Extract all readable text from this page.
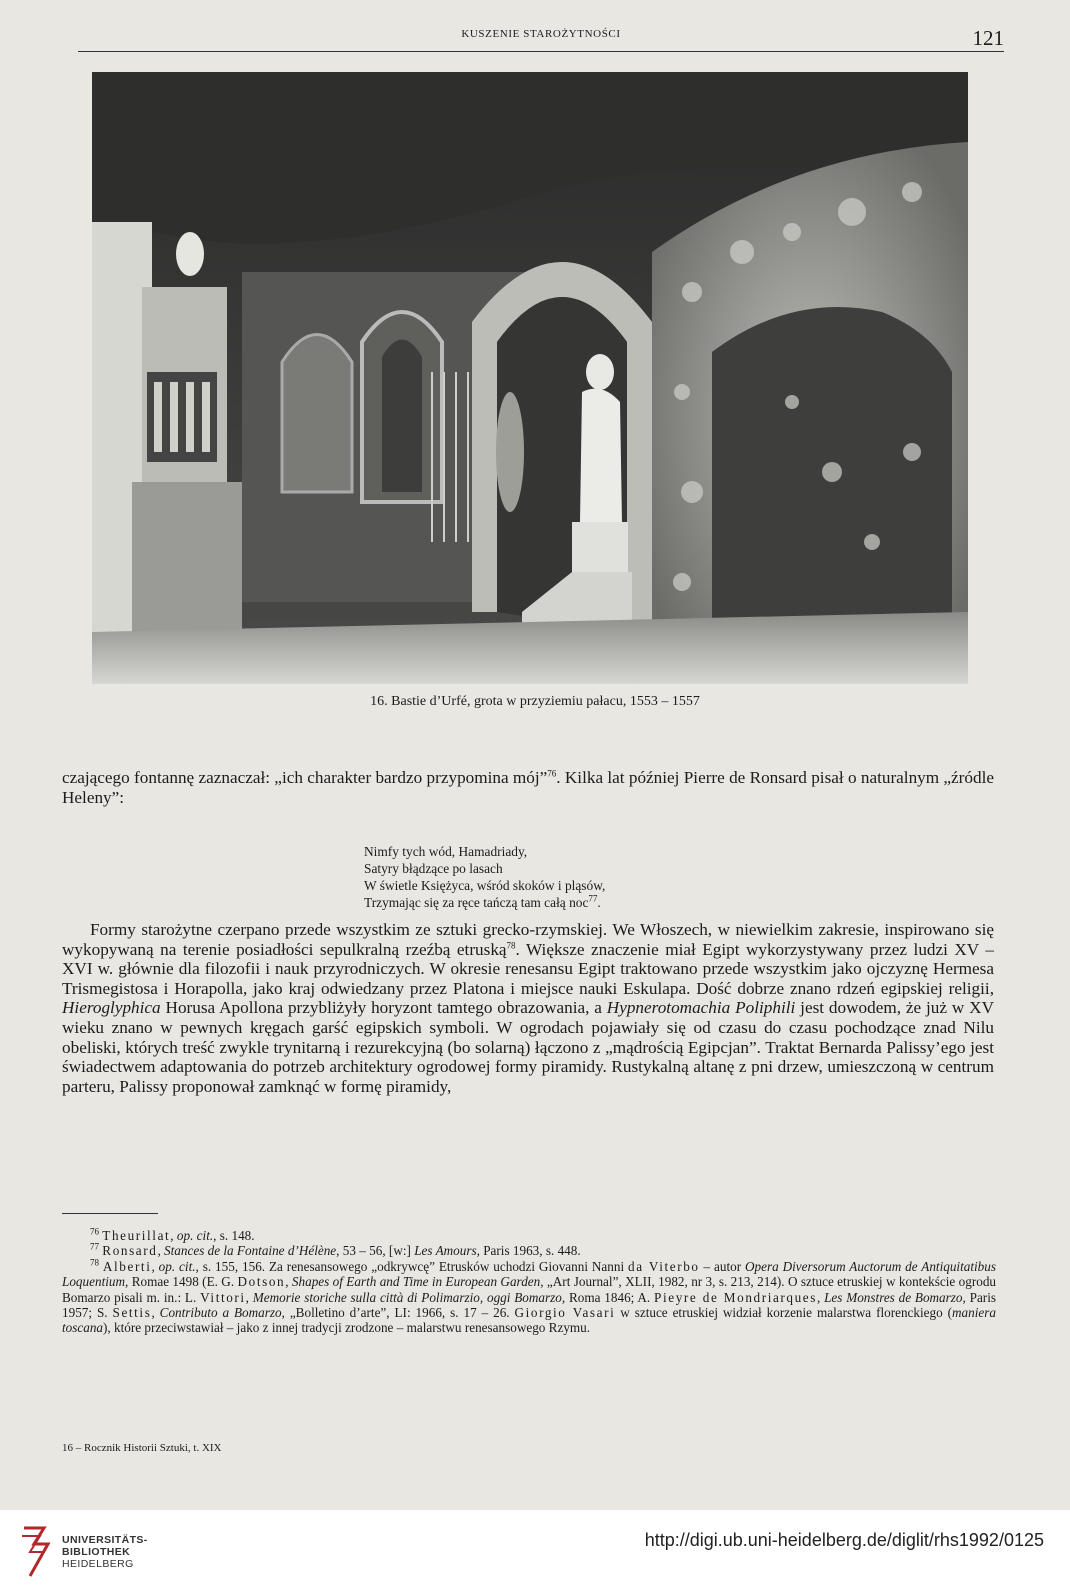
KUSZENIE STAROŻYTNOŚCI	121
16. Bastie d’Urfé, grota w przyziemiu pałacu, 1553 – 1557
czającego fontannę zaznaczał: „ich charakter bardzo przypomina mój”$^{76}$. Kilka lat później Pierre de Ronsard pisał o naturalnym „źródle Heleny”:
Nimfy tych wód, Hamadriady,
Satyry błądzące po lasach
W świetle Księżyca, wśród skoków i pląsów,
Trzymając się za ręce tańczą tam całą noc$^{77}$.
Formy starożytne czerpano przede wszystkim ze sztuki grecko-rzymskiej. We Włoszech, w niewielkim zakresie, inspirowano się wykopywaną na terenie posiadłości sepulkralną rzeźbą etruską$^{78}$. Większe znaczenie miał Egipt wykorzystywany przez ludzi XV – XVI w. głównie dla filozofii i nauk przyrodniczych. W okresie renesansu Egipt traktowano przede wszystkim jako ojczyznę Hermesa Trismegistosa i Horapolla, jako kraj odwiedzany przez Platona i miejsce nauki Eskulapa. Dość dobrze znano rdzeń egipskiej religii, Hieroglyphica Horusa Apollona przybliżyły horyzont tamtego obrazowania, a Hypnerotomachia Poliphili jest dowodem, że już w XV wieku znano w pewnych kręgach garść egipskich symboli. W ogrodach pojawiały się od czasu do czasu pochodzące znad Nilu obeliski, których treść zwykle trynitarną i rezurekcyjną (bo solarną) łączono z „mądrością Egipcjan”. Traktat Bernarda Palissy’ego jest świadectwem adaptowania do potrzeb architektury ogrodowej formy piramidy. Rustykalną altanę z pni drzew, umieszczoną w centrum parteru, Palissy proponował zamknąć w formę piramidy,
$^{76}$ Theurillat, op. cit., s. 148.
$^{77}$ Ronsard, Stances de la Fontaine d’Hélène, 53 – 56, [w:] Les Amours, Paris 1963, s. 448.
$^{78}$ Alberti, op. cit., s. 155, 156. Za renesansowego „odkrywcę” Etrusków uchodzi Giovanni Nanni da Viterbo – autor Opera Diversorum Auctorum de Antiquitatibus Loquentium, Romae 1498 (E. G. Dotson, Shapes of Earth and Time in European Garden, „Art Journal”, XLII, 1982, nr 3, s. 213, 214). O sztuce etruskiej w kontekście ogrodu Bomarzo pisali m. in.: L. Vittori, Memorie storiche sulla città di Polimarzio, oggi Bomarzo, Roma 1846; A. Pieyre de Mondriarques, Les Monstres de Bomarzo, Paris 1957; S. Settis, Contributo a Bomarzo, „Bolletino d’arte”, LI: 1966, s. 17 – 26. Giorgio Vasari w sztuce etruskiej widział korzenie malarstwa florenckiego (maniera toscana), które przeciwstawiał – jako z innej tradycji zrodzone – malarstwu renesansowego Rzymu.
16 – Rocznik Historii Sztuki, t. XIX
UNIVERSITÄTS-
BIBLIOTHEK
HEIDELBERG
http://digi.ub.uni-heidelberg.de/diglit/rhs1992/0125
